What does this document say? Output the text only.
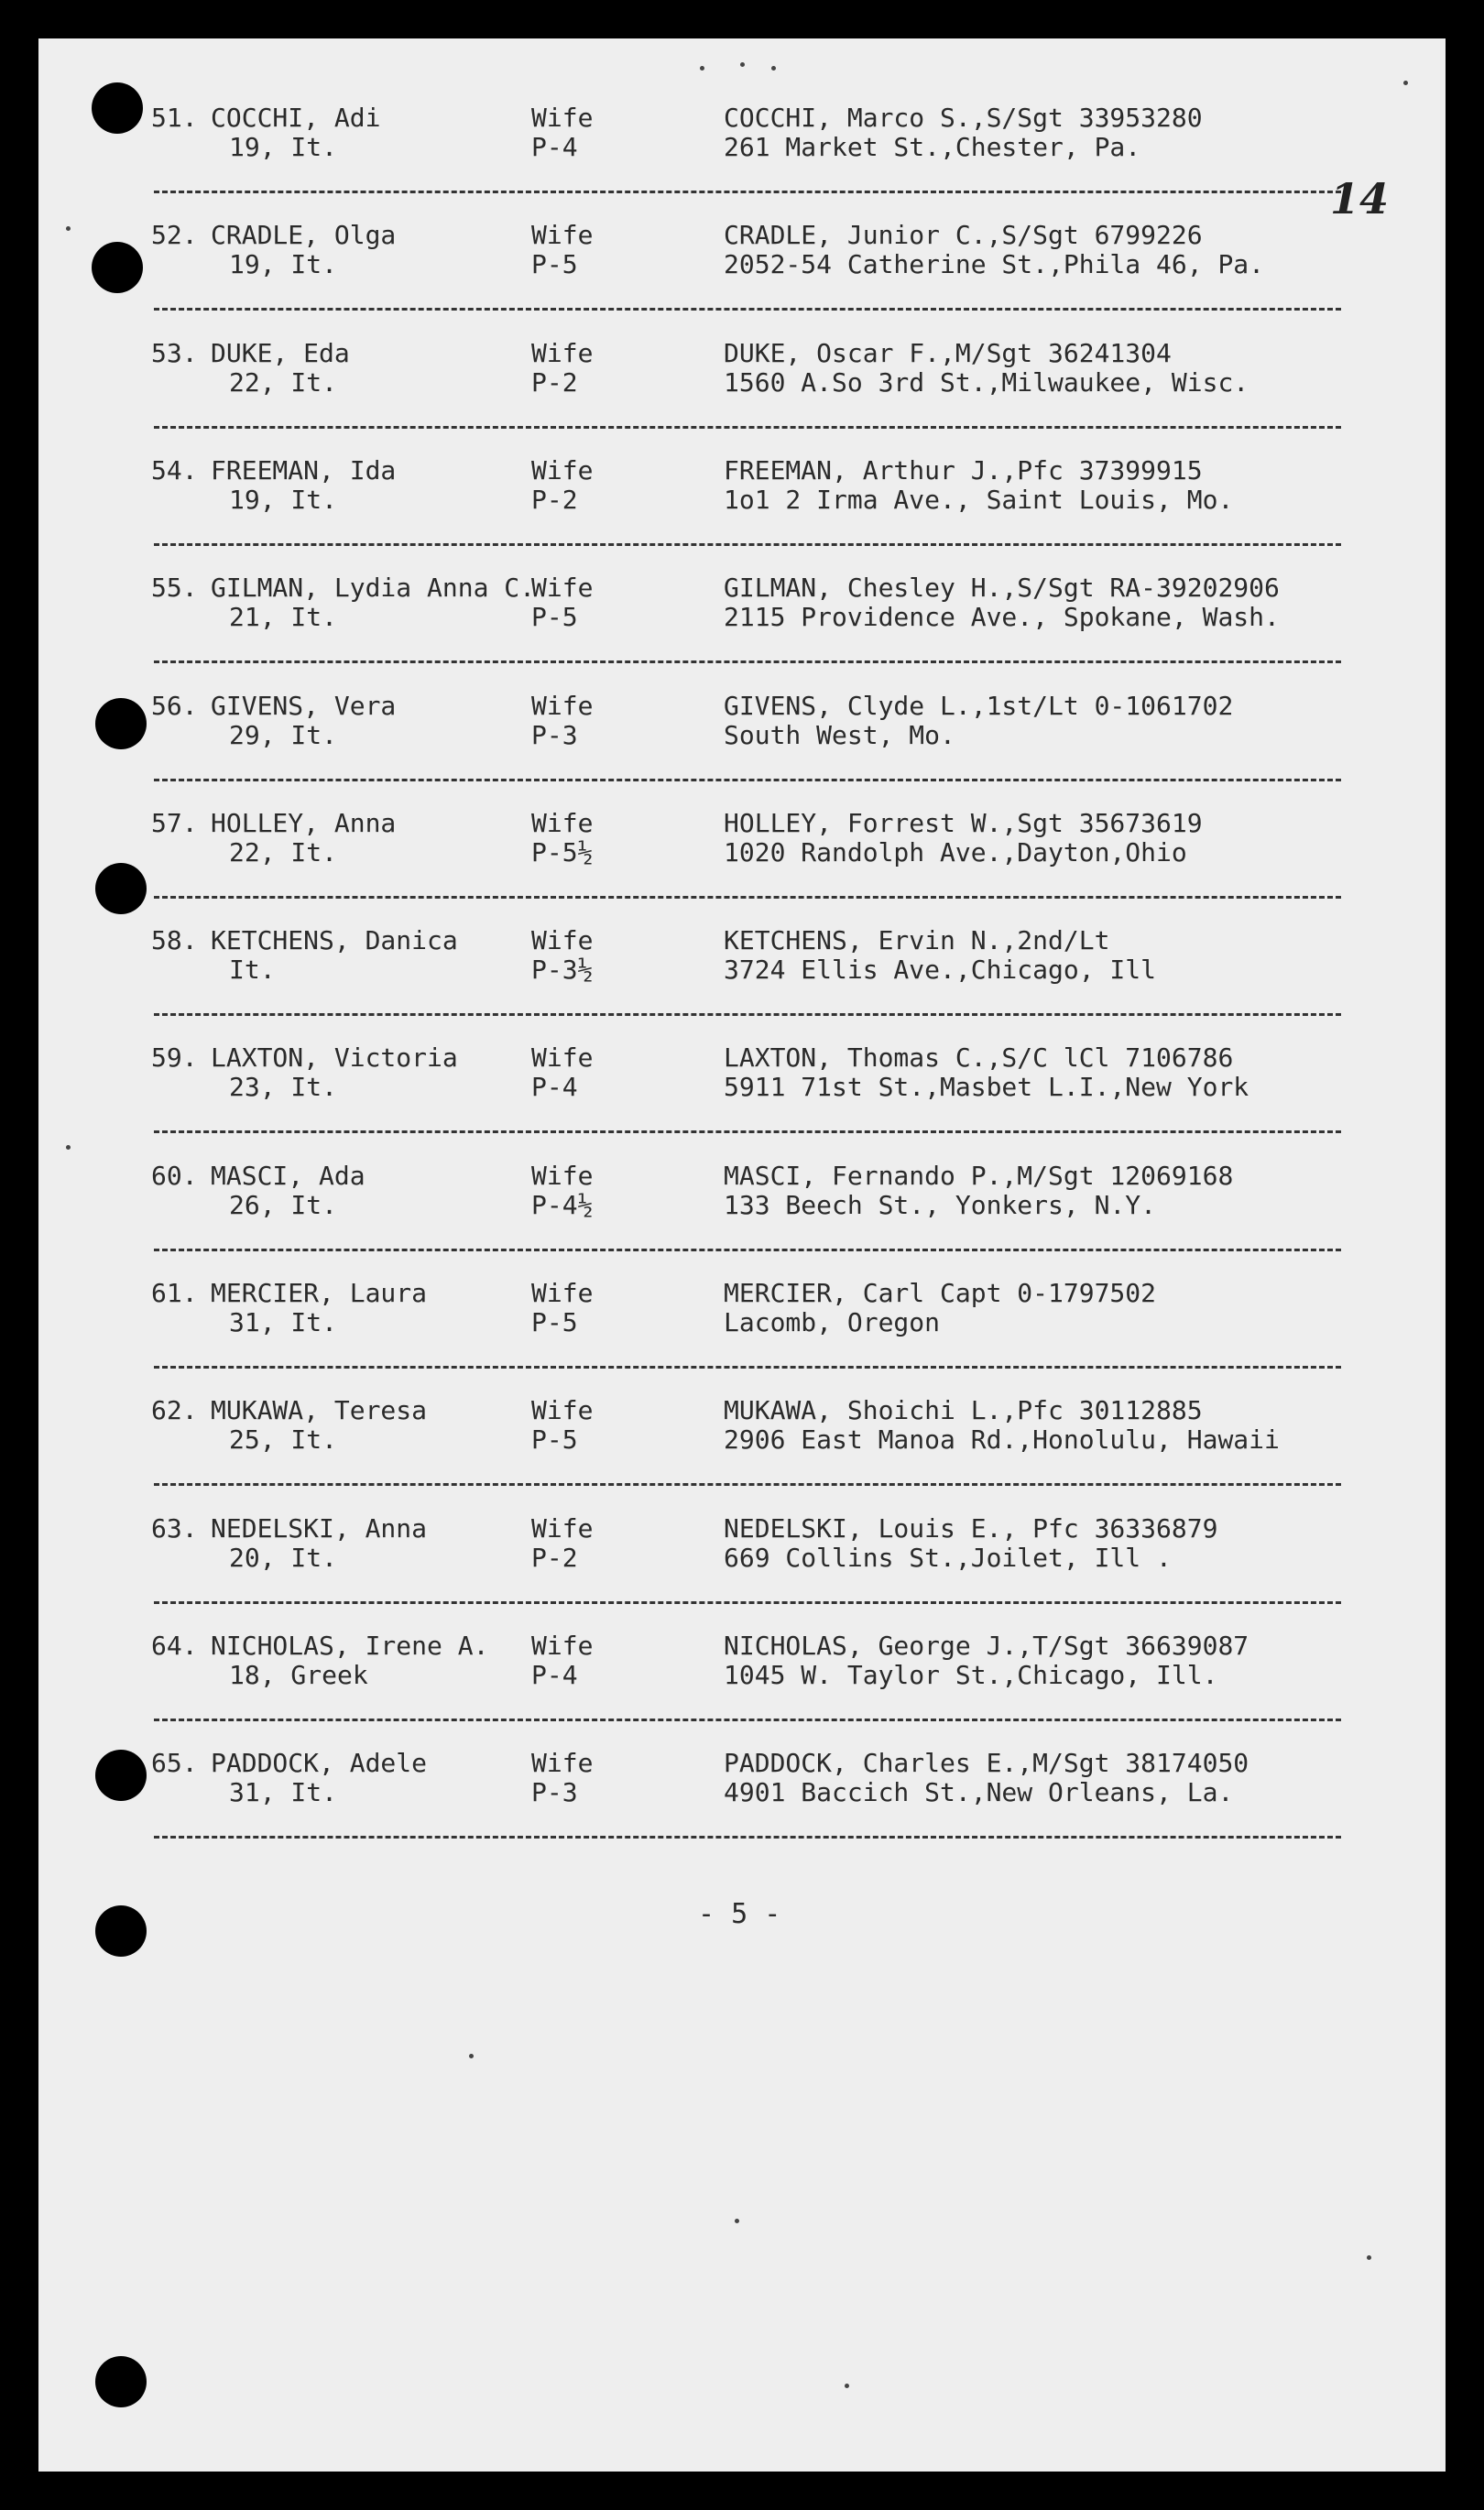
14
51. COCCHI, Adi
19, It.
Wife
P-4
COCCHI, Marco S.,S/Sgt 33953280
261 Market St.,Chester, Pa.
52. CRADLE, Olga
19, It.
Wife
P-5
CRADLE, Junior C.,S/Sgt 6799226
2052-54 Catherine St.,Phila 46, Pa.
53. DUKE, Eda
22, It.
Wife
P-2
DUKE, Oscar F.,M/Sgt 36241304
1560 A.So 3rd St.,Milwaukee, Wisc.
54. FREEMAN, Ida
19, It.
Wife
P-2
FREEMAN, Arthur J.,Pfc 37399915
1o1 2 Irma Ave., Saint Louis, Mo.
55. GILMAN, Lydia Anna C.
21, It.
Wife
P-5
GILMAN, Chesley H.,S/Sgt RA-39202906
2115 Providence Ave., Spokane, Wash.
56. GIVENS, Vera
29, It.
Wife
P-3
GIVENS, Clyde L.,1st/Lt 0-1061702
South West, Mo.
57. HOLLEY, Anna
22, It.
Wife
P-5½
HOLLEY, Forrest W.,Sgt 35673619
1020 Randolph Ave.,Dayton,Ohio
58. KETCHENS, Danica
It.
Wife
P-3½
KETCHENS, Ervin N.,2nd/Lt
3724 Ellis Ave.,Chicago, Ill
59. LAXTON, Victoria
23, It.
Wife
P-4
LAXTON, Thomas C.,S/C lCl 7106786
5911 71st St.,Masbet L.I.,New York
60. MASCI, Ada
26, It.
Wife
P-4½
MASCI, Fernando P.,M/Sgt 12069168
133 Beech St., Yonkers, N.Y.
61. MERCIER, Laura
31, It.
Wife
P-5
MERCIER, Carl Capt 0-1797502
Lacomb, Oregon
62. MUKAWA, Teresa
25, It.
Wife
P-5
MUKAWA, Shoichi L.,Pfc 30112885
2906 East Manoa Rd.,Honolulu, Hawaii
63. NEDELSKI, Anna
20, It.
Wife
P-2
NEDELSKI, Louis E., Pfc 36336879
669 Collins St.,Joilet, Ill .
64. NICHOLAS, Irene A.
18, Greek
Wife
P-4
NICHOLAS, George J.,T/Sgt 36639087
1045 W. Taylor St.,Chicago, Ill.
65. PADDOCK, Adele
31, It.
Wife
P-3
PADDOCK, Charles E.,M/Sgt 38174050
4901 Baccich St.,New Orleans, La.
- 5 -
